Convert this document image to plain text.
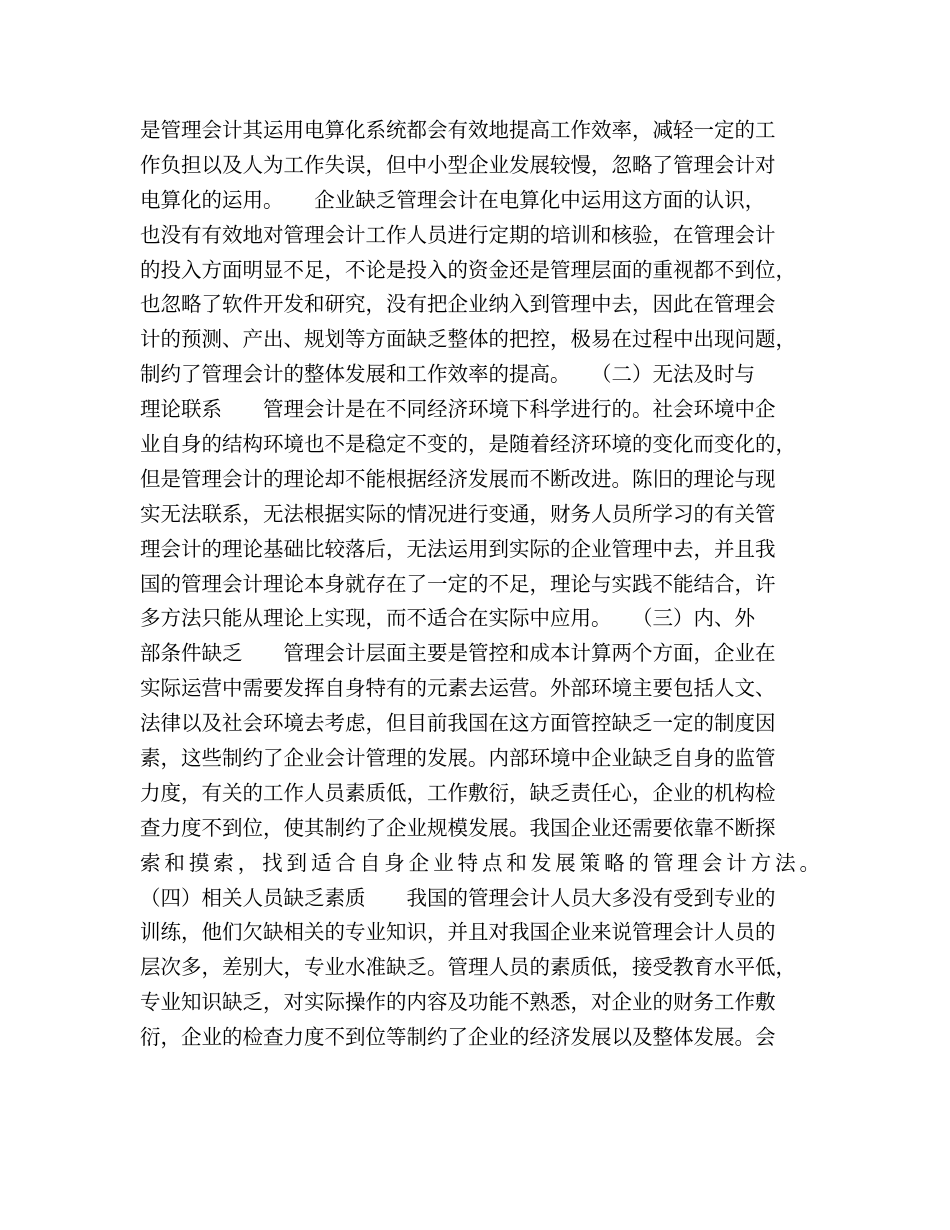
是管理会计其运用电算化系统都会有效地提高工作效率，减轻一定的工
作负担以及人为工作失误，但中小型企业发展较慢，忽略了管理会计对
电算化的运用。　　企业缺乏管理会计在电算化中运用这方面的认识，
也没有有效地对管理会计工作人员进行定期的培训和核验，在管理会计
的投入方面明显不足，不论是投入的资金还是管理层面的重视都不到位，
也忽略了软件开发和研究，没有把企业纳入到管理中去，因此在管理会
计的预测、产出、规划等方面缺乏整体的把控，极易在过程中出现问题，
制约了管理会计的整体发展和工作效率的提高。　　（二）无法及时与
理论联系　　管理会计是在不同经济环境下科学进行的。社会环境中企
业自身的结构环境也不是稳定不变的，是随着经济环境的变化而变化的，
但是管理会计的理论却不能根据经济发展而不断改进。陈旧的理论与现
实无法联系，无法根据实际的情况进行变通，财务人员所学习的有关管
理会计的理论基础比较落后，无法运用到实际的企业管理中去，并且我
国的管理会计理论本身就存在了一定的不足，理论与实践不能结合，许
多方法只能从理论上实现，而不适合在实际中应用。　　（三）内、外
部条件缺乏　　管理会计层面主要是管控和成本计算两个方面，企业在
实际运营中需要发挥自身特有的元素去运营。外部环境主要包括人文、
法律以及社会环境去考虑，但目前我国在这方面管控缺乏一定的制度因
素，这些制约了企业会计管理的发展。内部环境中企业缺乏自身的监管
力度，有关的工作人员素质低，工作敷衍，缺乏责任心，企业的机构检
查力度不到位，使其制约了企业规模发展。我国企业还需要依靠不断探
索和摸索，找到适合自身企业特点和发展策略的管理会计方法。
（四）相关人员缺乏素质　　我国的管理会计人员大多没有受到专业的
训练，他们欠缺相关的专业知识，并且对我国企业来说管理会计人员的
层次多，差别大，专业水准缺乏。管理人员的素质低，接受教育水平低，
专业知识缺乏，对实际操作的内容及功能不熟悉，对企业的财务工作敷
衍，企业的检查力度不到位等制约了企业的经济发展以及整体发展。会
